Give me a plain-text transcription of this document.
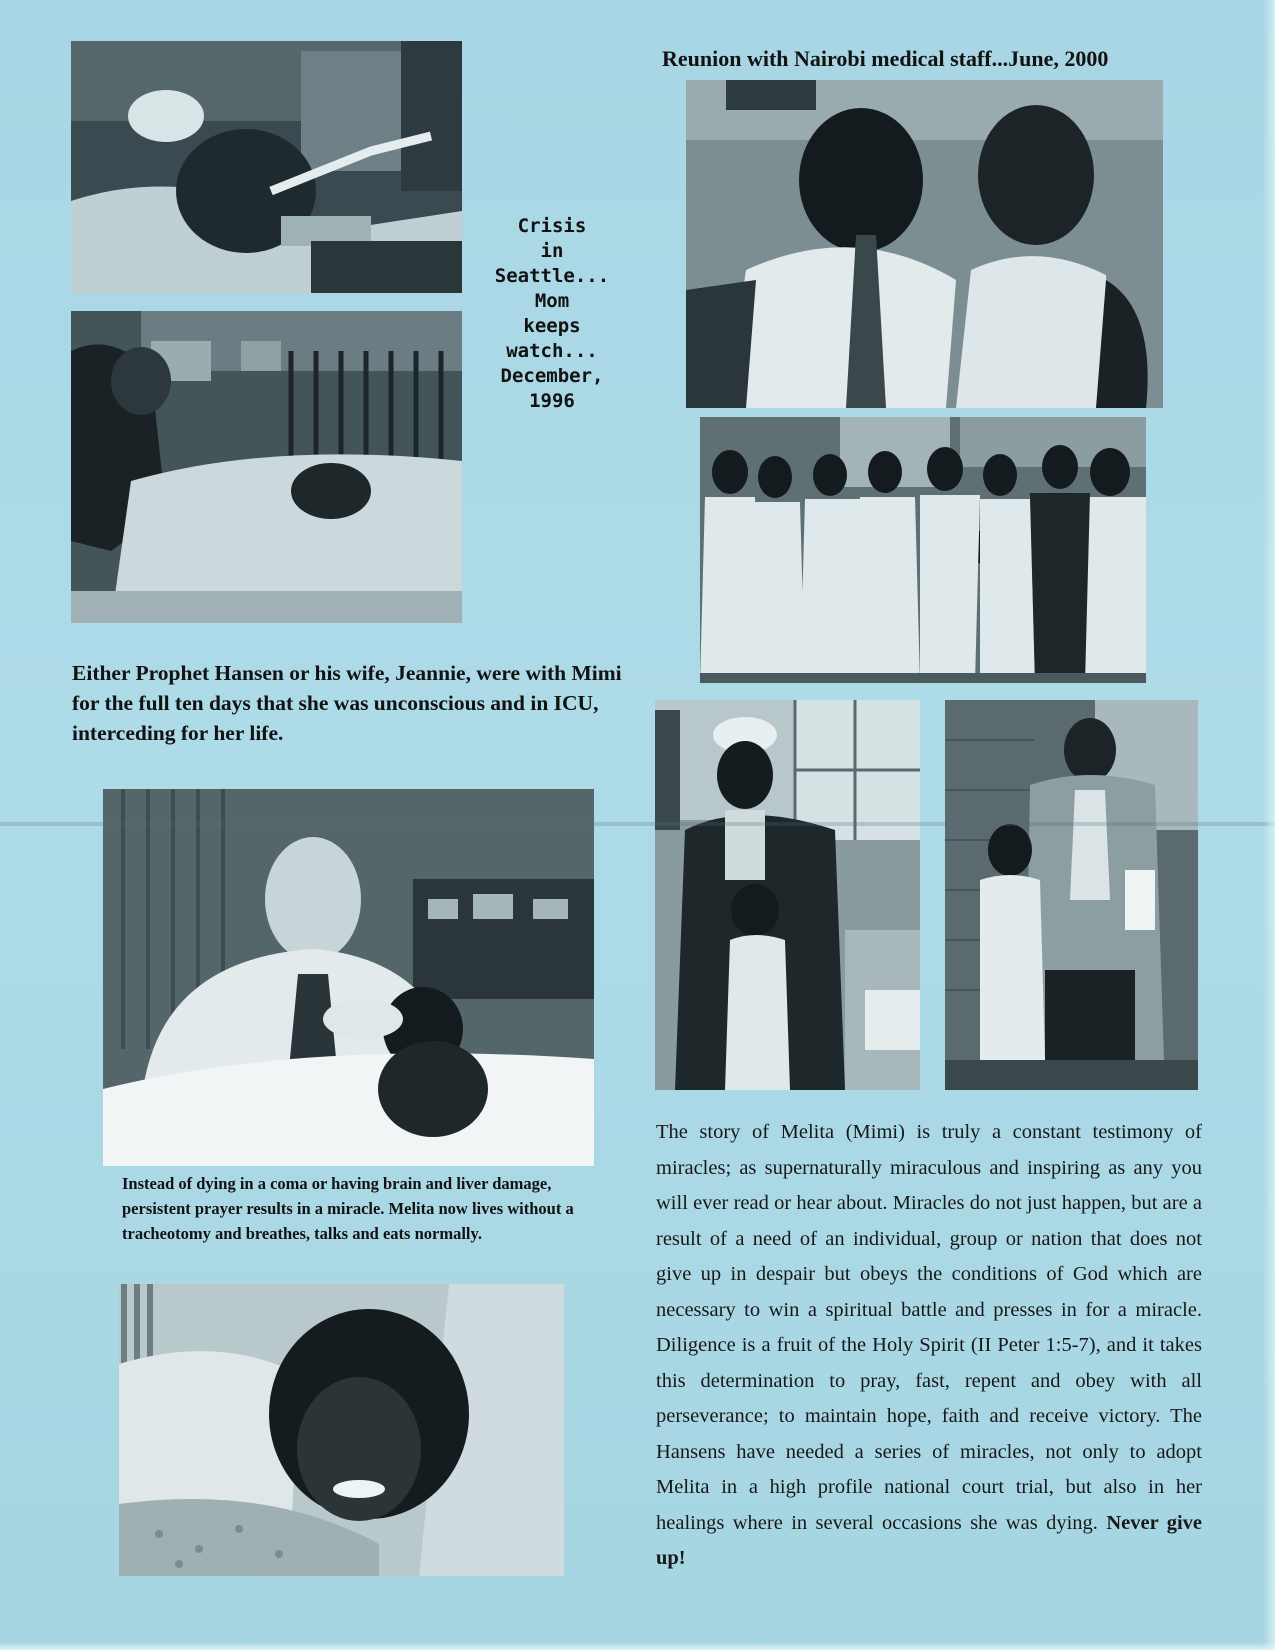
Crisis
in
Seattle...
Mom
keeps
watch...
December,
1996
Reunion with Nairobi medical staff...June, 2000
Either Prophet Hansen or his wife, Jeannie, were with Mimi for the full ten days that she was unconscious and in ICU, interceding for her life.
Instead of dying in a coma or having brain and liver damage, persistent prayer results in a miracle. Melita now lives without a tracheotomy and breathes, talks and eats normally.
The story of Melita (Mimi) is truly a constant testimony of miracles; as supernaturally miraculous and inspiring as any you will ever read or hear about. Miracles do not just happen, but are a result of a need of an individual, group or nation that does not give up in despair but obeys the conditions of God which are necessary to win a spiritual battle and presses in for a miracle. Diligence is a fruit of the Holy Spirit (II Peter 1:5-7), and it takes this determination to pray, fast, repent and obey with all perseverance; to maintain hope, faith and receive victory. The Hansens have needed a series of miracles, not only to adopt Melita in a high profile national court trial, but also in her healings where in several occasions she was dying. Never give up!
